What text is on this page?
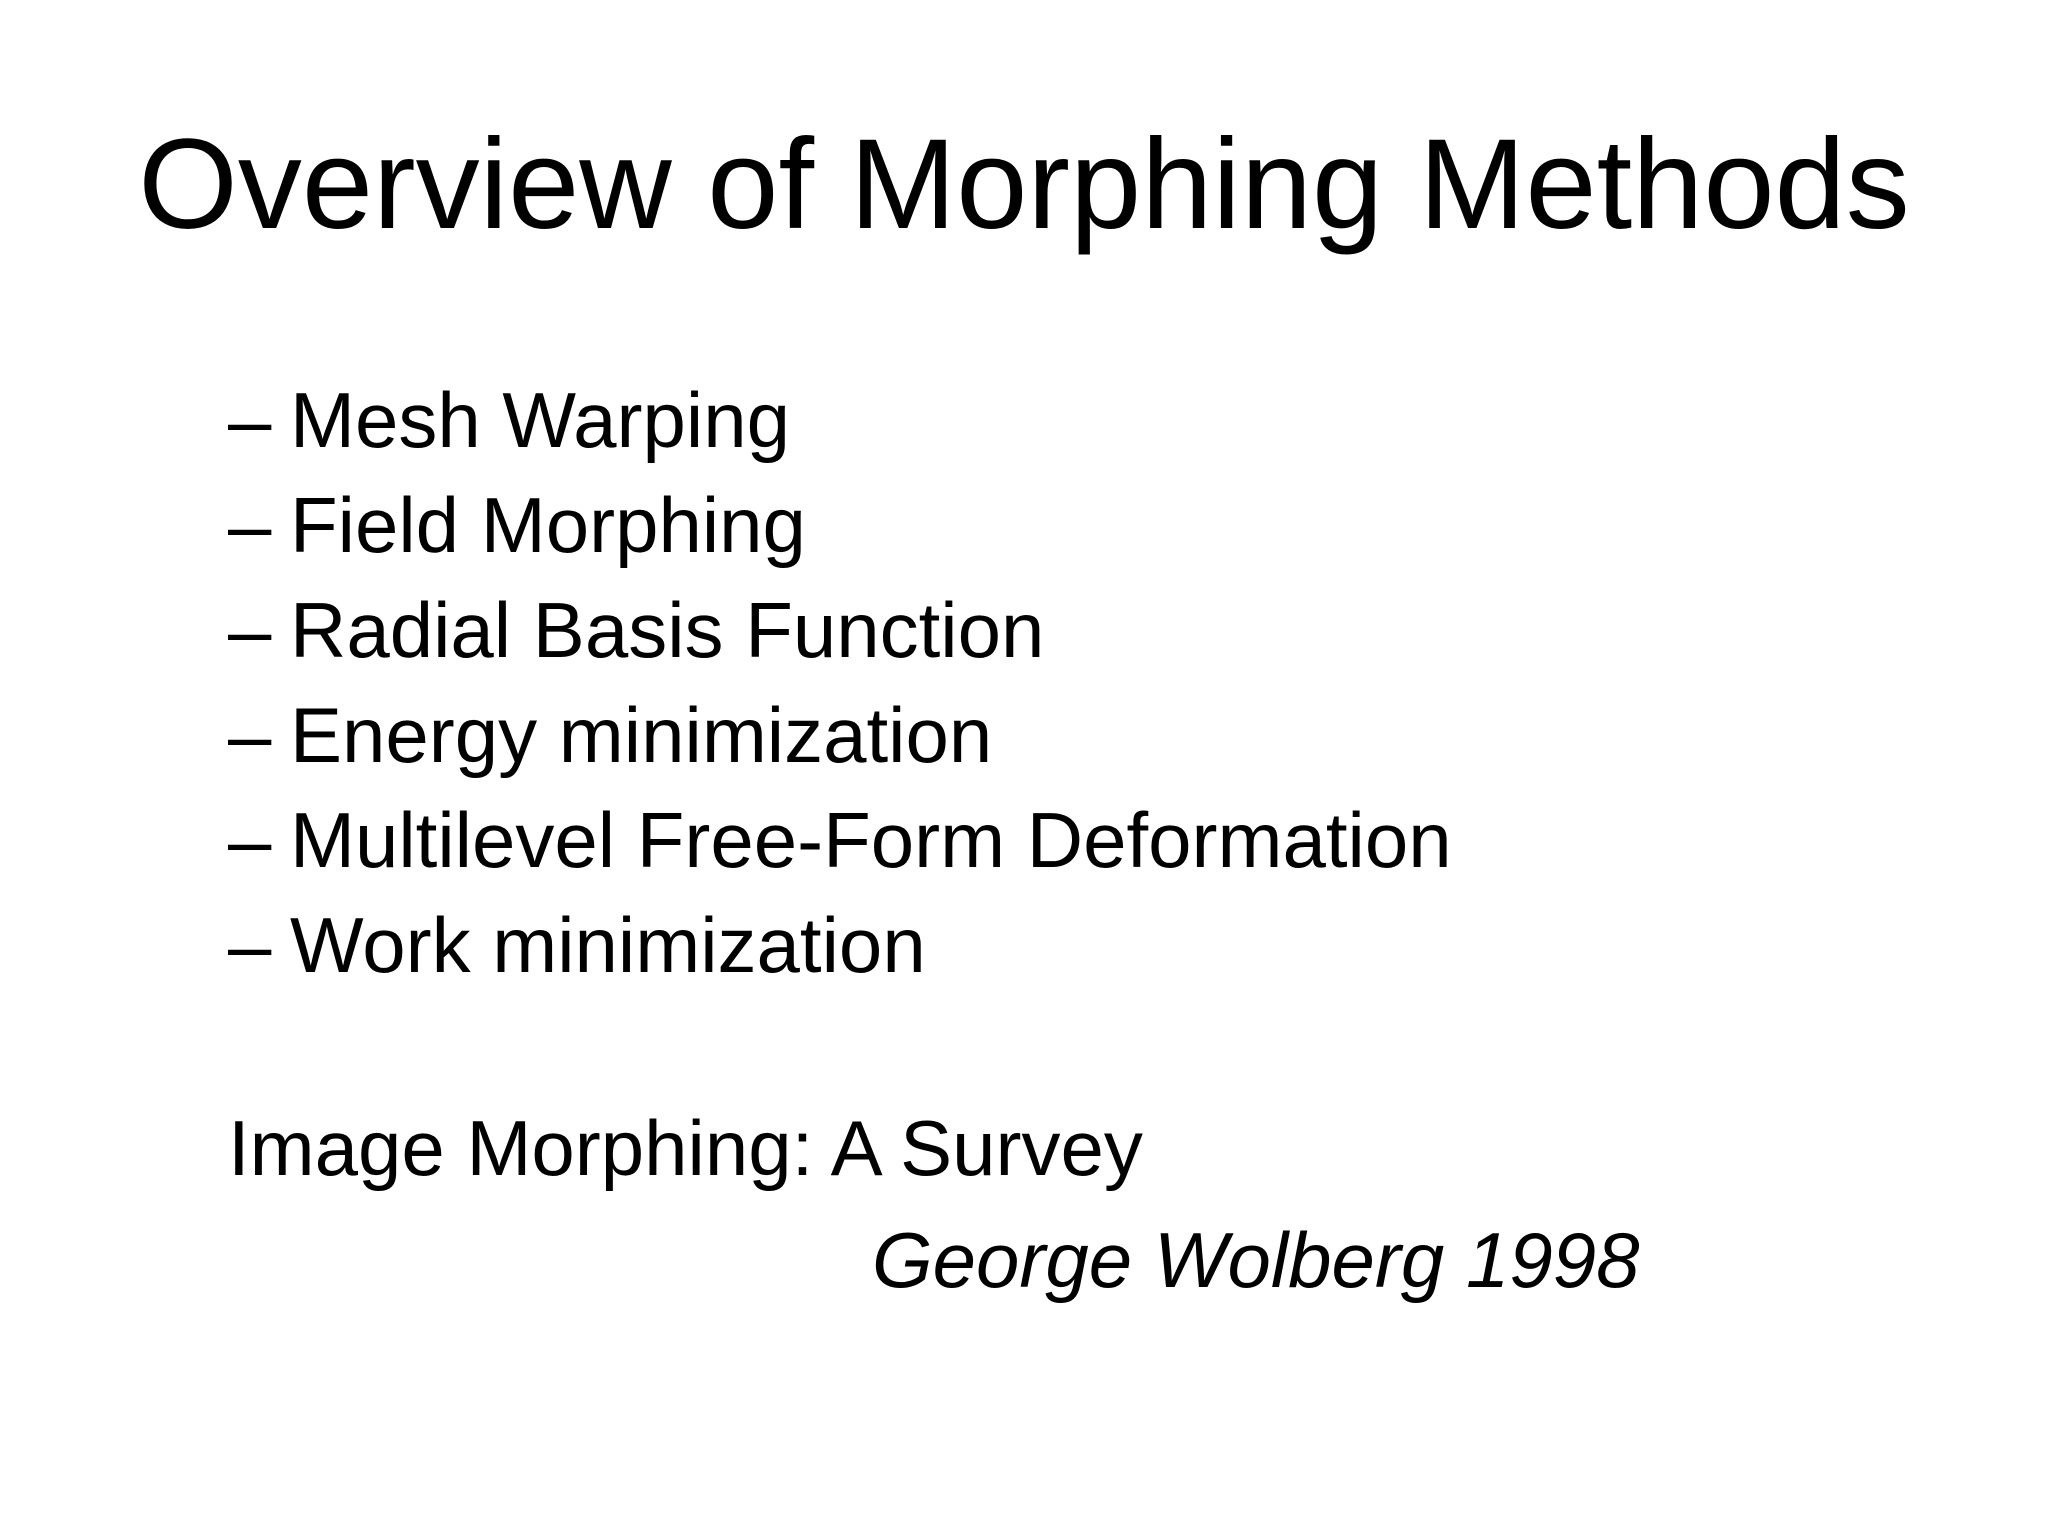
Overview of Morphing Methods
– Mesh Warping
– Field Morphing
– Radial Basis Function
– Energy minimization
– Multilevel Free-Form Deformation
– Work minimization

Image Morphing: A Survey

George Wolberg 1998
